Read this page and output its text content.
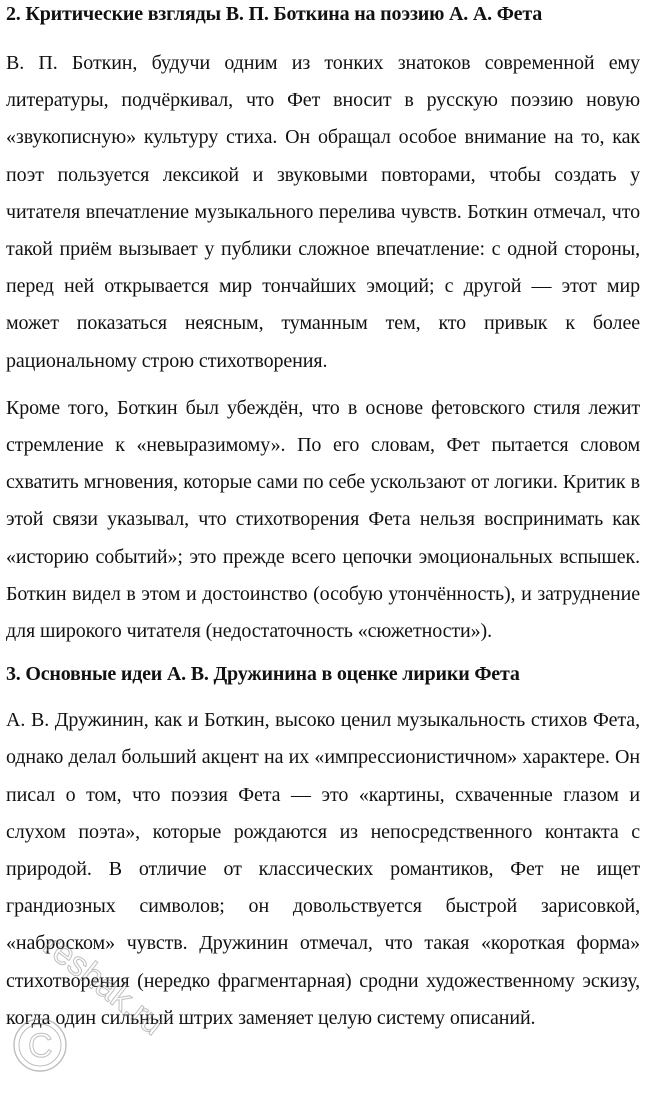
2. Критические взгляды В. П. Боткина на поэзию А. А. Фета

В. П. Боткин, будучи одним из тонких знатоков современной ему литературы, подчёркивал, что Фет вносит в русскую поэзию новую «звукописную» культуру стиха. Он обращал особое внимание на то, как поэт пользуется лексикой и звуковыми повторами, чтобы создать у читателя впечатление музыкального перелива чувств. Боткин отмечал, что такой приём вызывает у публики сложное впечатление: с одной стороны, перед ней открывается мир тончайших эмоций; с другой — этот мир может показаться неясным, туманным тем, кто привык к более рациональному строю стихотворения.

Кроме того, Боткин был убеждён, что в основе фетовского стиля лежит стремление к «невыразимому». По его словам, Фет пытается словом схватить мгновения, которые сами по себе ускользают от логики. Критик в этой связи указывал, что стихотворения Фета нельзя воспринимать как «историю событий»; это прежде всего цепочки эмоциональных вспышек. Боткин видел в этом и достоинство (особую утончённость), и затруднение для широкого читателя (недостаточность «сюжетности»).

3. Основные идеи А. В. Дружинина в оценке лирики Фета

А. В. Дружинин, как и Боткин, высоко ценил музыкальность стихов Фета, однако делал больший акцент на их «импрессионистичном» характере. Он писал о том, что поэзия Фета — это «картины, схваченные глазом и слухом поэта», которые рождаются из непосредственного контакта с природой. В отличие от классических романтиков, Фет не ищет грандиозных символов; он довольствуется быстрой зарисовкой, «наброском» чувств. Дружинин отмечал, что такая «короткая форма» стихотворения (нередко фрагментарная) сродни художественному эскизу, когда один сильный штрих заменяет целую систему описаний.

reshak.ru
C
